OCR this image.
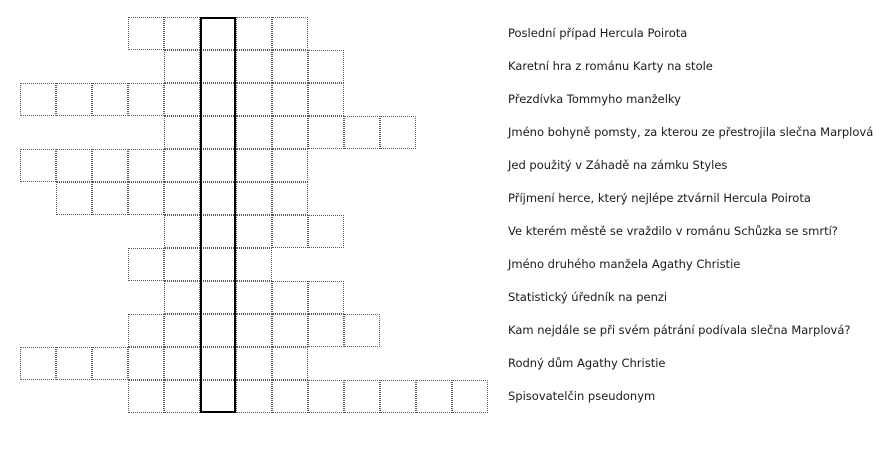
Poslední případ Hercula Poirota
Karetní hra z románu Karty na stole
Přezdívka Tommyho manželky
Jméno bohyně pomsty, za kterou ze přestrojila slečna Marplová
Jed použitý v Záhadě na zámku Styles
Příjmení herce, který nejlépe ztvárnil Hercula Poirota
Ve kterém městě se vraždilo v románu Schůzka se smrtí?
Jméno druhého manžela Agathy Christie
Statistický úředník na penzi
Kam nejdále se při svém pátrání podívala slečna Marplová?
Rodný dům Agathy Christie
Spisovatelčin pseudonym
